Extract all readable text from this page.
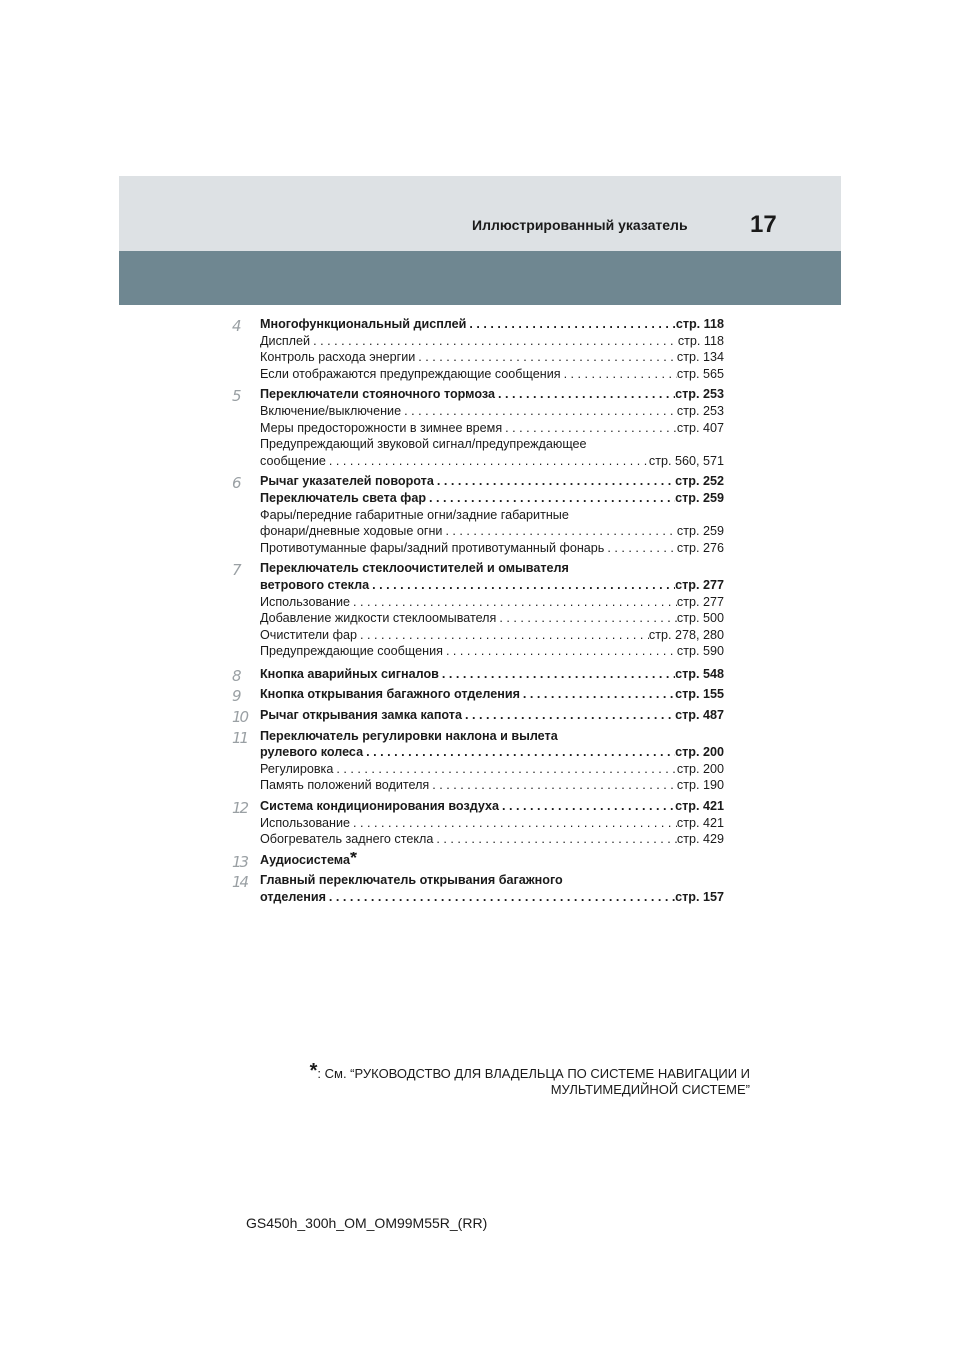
Иллюстрированный указатель	17
4	Многофункциональный дисплей . . .	стр. 118
Дисплей . . .	стр. 118
Контроль расхода энергии . . .	стр. 134
Если отображаются предупреждающие сообщения . . .	стр. 565
5	Переключатели стояночного тормоза . . .	стр. 253
Включение/выключение . . .	стр. 253
Меры предосторожности в зимнее время . . .	стр. 407
Предупреждающий звуковой сигнал/предупреждающее
сообщение . . .	стр. 560, 571
6	Рычаг указателей поворота . . .	стр. 252
Переключатель света фар . . .	стр. 259
Фары/передние габаритные огни/задние габаритные
фонари/дневные ходовые огни . . .	стр. 259
Противотуманные фары/задний противотуманный фонарь . . .	стр. 276
7	Переключатель стеклоочистителей и омывателя
ветрового стекла . . .	стр. 277
Использование . . .	стр. 277
Добавление жидкости стеклоомывателя . . .	стр. 500
Очистители фар . . .	стр. 278, 280
Предупреждающие сообщения . . .	стр. 590
8	Кнопка аварийных сигналов . . .	стр. 548
9	Кнопка открывания багажного отделения . . .	стр. 155
10 Рычаг открывания замка капота . . .	стр. 487
11 Переключатель регулировки наклона и вылета
рулевого колеса . . .	стр. 200
Регулировка . . .	стр. 200
Память положений водителя . . .	стр. 190
12 Система кондиционирования воздуха . . .	стр. 421
Использование . . .	стр. 421
Обогреватель заднего стекла . . .	стр. 429
13 Аудиосистема *
14 Главный переключатель открывания багажного
отделения . . .	стр. 157
*: См. “РУКОВОДСТВО ДЛЯ ВЛАДЕЛЬЦА ПО СИСТЕМЕ НАВИГАЦИИ И
МУЛЬТИМЕДИЙНОЙ СИСТЕМЕ”
GS450h_300h_OM_OM99M55R_(RR)
